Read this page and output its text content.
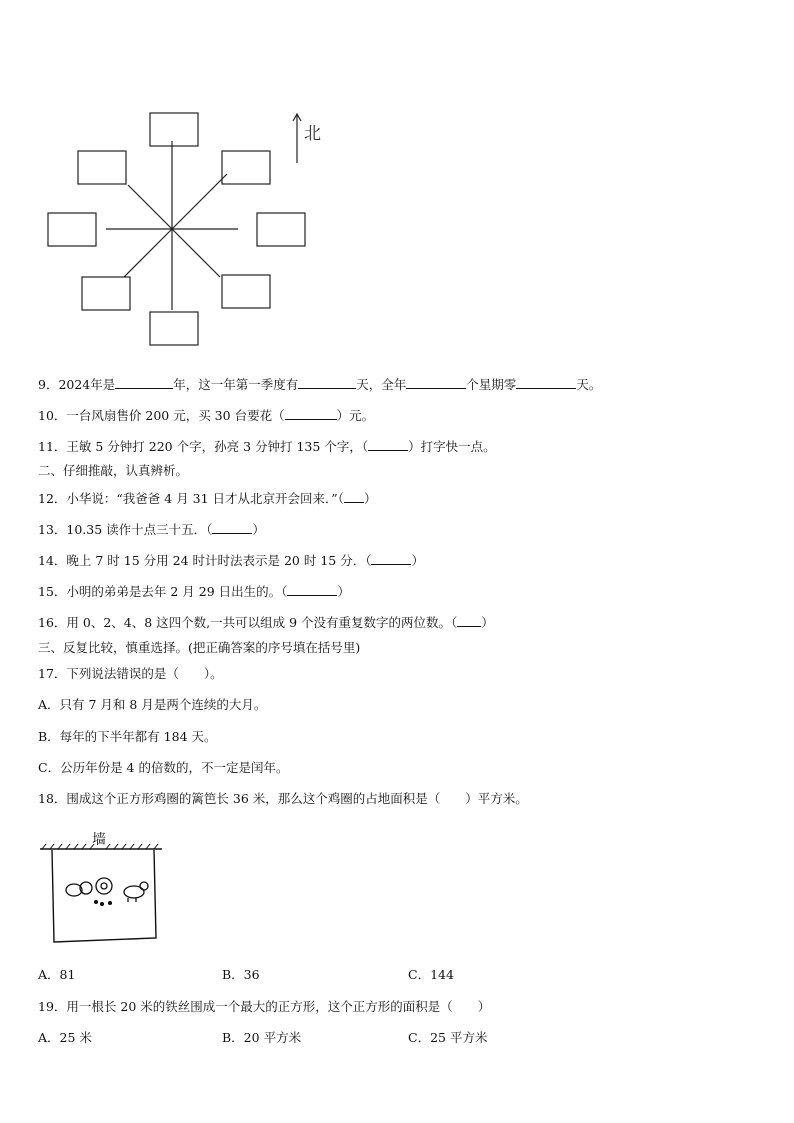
北
9．2024年是	年，这一年第一季度有	天，全年	个星期零	天。
10．一台风扇售价 200 元，买 30 台要花（	）元。
11．王敏 5 分钟打 220 个字，孙亮 3 分钟打 135 个字，（	）打字快一点。
二、仔细推敲，认真辨析。
12．小华说：“我爸爸 4 月 31 日才从北京开会回来．”（ ）
13．10.35 读作十点三十五．（	）
14．晚上 7 时 15 分用 24 时计时法表示是 20 时 15 分．（	）
15．小明的弟弟是去年 2 月 29 日出生的。（	）
16．用 0、2、4、8 这四个数,一共可以组成 9 个没有重复数字的两位数。（ ）
三、反复比较，慎重选择。(把正确答案的序号填在括号里)
17．下列说法错误的是（　　）。
A．只有 7 月和 8 月是两个连续的大月。
B．每年的下半年都有 184 天。
C．公历年份是 4 的倍数的，不一定是闰年。
18．围成这个正方形鸡圈的篱笆长 36 米，那么这个鸡圈的占地面积是（　　）平方米。
墙
A．81	B．36	C．144
19．用一根长 20 米的铁丝围成一个最大的正方形，这个正方形的面积是（　　）
A．25 米	B．20 平方米	C．25 平方米
